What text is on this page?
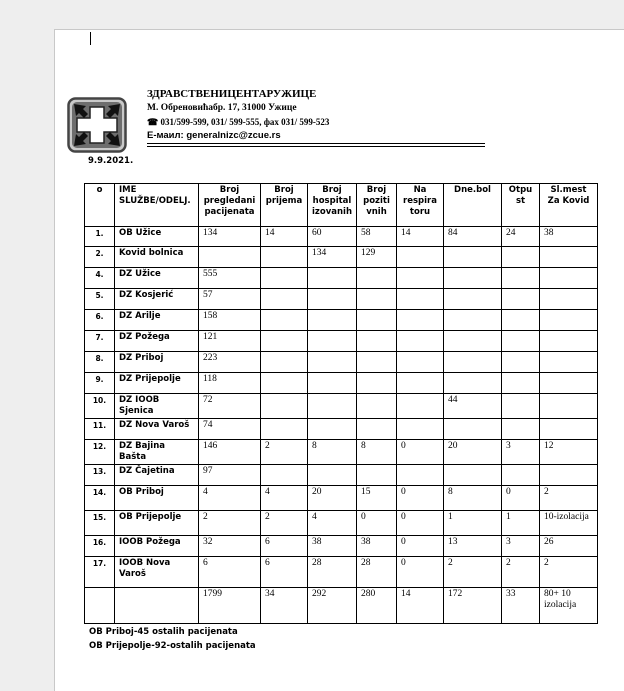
ЗДРАВСТВЕНИЦЕНТАРУЖИЦЕ
М. Обреновићабр. 17, 31000 Ужице
☎ 031/599-599, 031/ 599-555, фах 031/ 599-523
Е-маил: generalnizc@zcue.rs
9.9.2021.
o	IME SLUŽBE/ODELJ.	Broj pregledani pacijenata	Broj prijema	Broj hospital izovanih	Broj poziti vnih	Na respira toru	Dne.bol	Otpu st	Sl.mest Za Kovid
1.	OB Užice	134	14	60	58	14	84	24	38
2.	Kovid bolnica			134	129				
4.	DZ Užice	555							
5.	DZ Kosjerić	57							
6.	DZ Arilje	158							
7.	DZ Požega	121							
8.	DZ Priboj	223							
9.	DZ Prijepolje	118							
10.	DZ IOOB Sjenica	72					44		
11.	DZ Nova Varoš	74							
12.	DZ Bajina Bašta	146	2	8	8	0	20	3	12
13.	DZ Čajetina	97							
14.	OB Priboj	4	4	20	15	0	8	0	2
15.	OB Prijepolje	2	2	4	0	0	1	1	10-izolacija
16.	IOOB Požega	32	6	38	38	0	13	3	26
17.	IOOB Nova Varoš	6	6	28	28	0	2	2	2
		1799	34	292	280	14	172	33	80+ 10 izolacija
OB Priboj-45 ostalih pacijenata
OB Prijepolje-92-ostalih pacijenata
